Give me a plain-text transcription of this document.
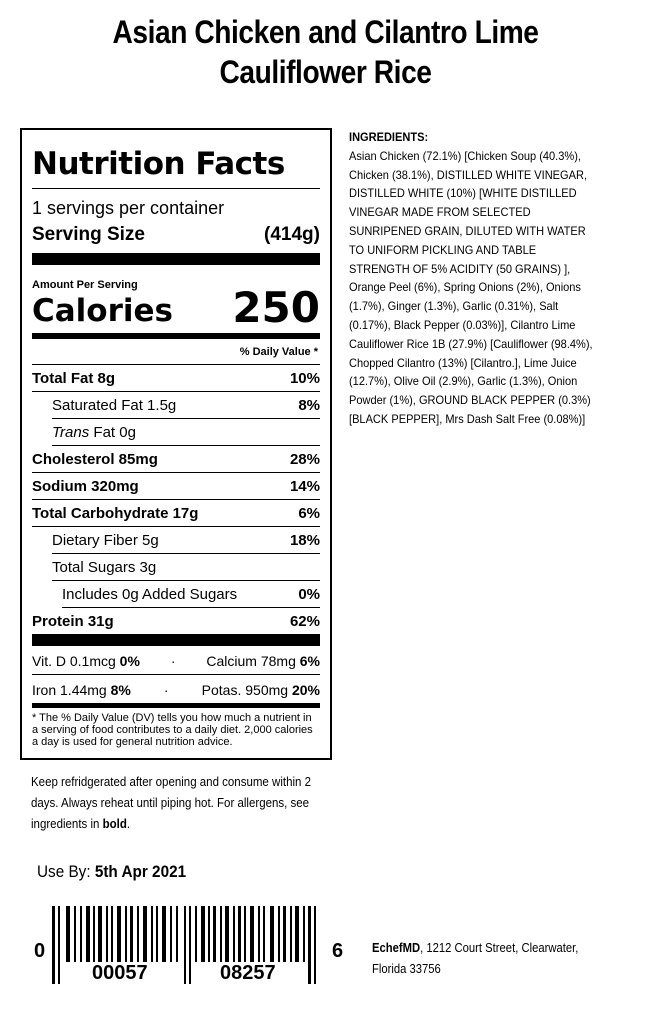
Asian Chicken and Cilantro Lime
Cauliflower Rice
Nutrition Facts
1 servings per container
Serving Size	(414g)
Amount Per Serving
Calories 250
% Daily Value *
Total Fat 8g	10%
Saturated Fat 1.5g	8%
Trans Fat 0g
Cholesterol 85mg	28%
Sodium 320mg	14%
Total Carbohydrate 17g	6%
Dietary Fiber 5g	18%
Total Sugars 3g
Includes 0g Added Sugars	0%
Protein 31g	62%
Vit. D 0.1mcg 0%	·	Calcium 78mg 6%
Iron 1.44mg 8%	·	Potas. 950mg 20%
* The % Daily Value (DV) tells you how much a nutrient in a serving of food contributes to a daily diet. 2,000 calories a day is used for general nutrition advice.
INGREDIENTS:
Asian Chicken (72.1%) [Chicken Soup (40.3%), Chicken (38.1%), DISTILLED WHITE VINEGAR, DISTILLED WHITE (10%) [WHITE DISTILLED VINEGAR MADE FROM SELECTED SUNRIPENED GRAIN, DILUTED WITH WATER TO UNIFORM PICKLING AND TABLE STRENGTH OF 5% ACIDITY (50 GRAINS) ], Orange Peel (6%), Spring Onions (2%), Onions (1.7%), Ginger (1.3%), Garlic (0.31%), Salt (0.17%), Black Pepper (0.03%)], Cilantro Lime Cauliflower Rice 1B (27.9%) [Cauliflower (98.4%), Chopped Cilantro (13%) [Cilantro.], Lime Juice (12.7%), Olive Oil (2.9%), Garlic (1.3%), Onion Powder (1%), GROUND BLACK PEPPER (0.3%) [BLACK PEPPER], Mrs Dash Salt Free (0.08%)]
Keep refridgerated after opening and consume within 2 days. Always reheat until piping hot. For allergens, see ingredients in bold.
Use By: 5th Apr 2021
0
00057	08257
6 EchefMD, 1212 Court Street, Clearwater, Florida 33756
